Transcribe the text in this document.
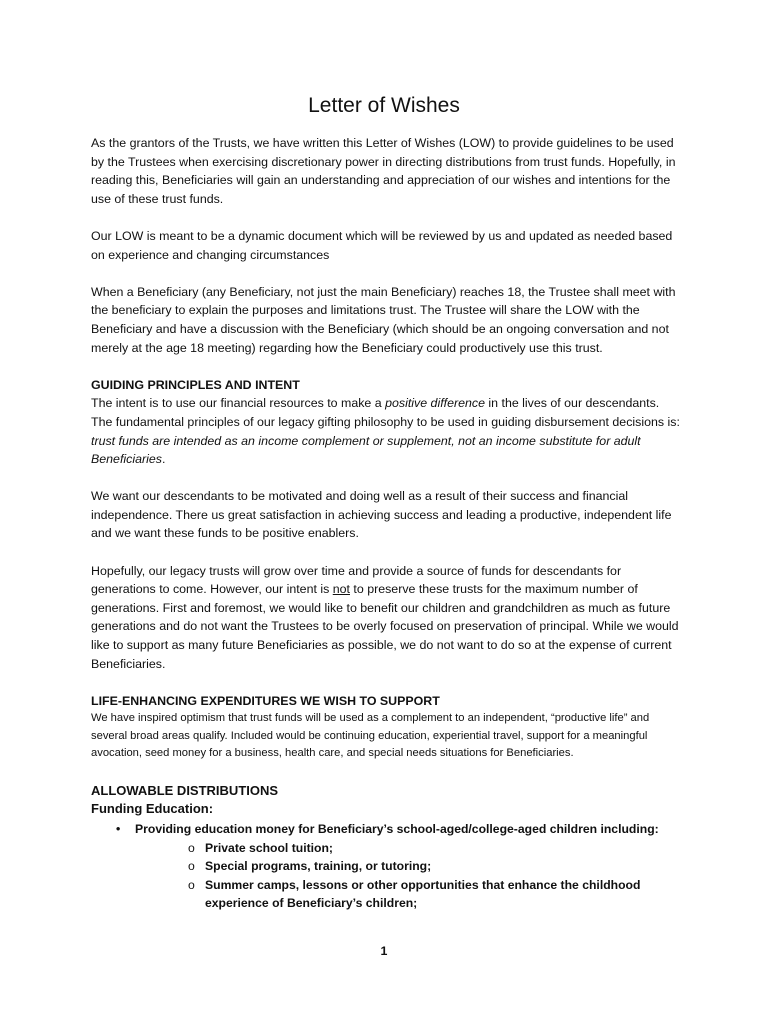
Letter of Wishes

As the grantors of the Trusts, we have written this Letter of Wishes (LOW) to provide guidelines to be used by the Trustees when exercising discretionary power in directing distributions from trust funds. Hopefully, in reading this, Beneficiaries will gain an understanding and appreciation of our wishes and intentions for the use of these trust funds.

Our LOW is meant to be a dynamic document which will be reviewed by us and updated as needed based on experience and changing circumstances

When a Beneficiary (any Beneficiary, not just the main Beneficiary) reaches 18, the Trustee shall meet with the beneficiary to explain the purposes and limitations trust. The Trustee will share the LOW with the Beneficiary and have a discussion with the Beneficiary (which should be an ongoing conversation and not merely at the age 18 meeting) regarding how the Beneficiary could productively use this trust.

GUIDING PRINCIPLES AND INTENT

The intent is to use our financial resources to make a positive difference in the lives of our descendants. The fundamental principles of our legacy gifting philosophy to be used in guiding disbursement decisions is: trust funds are intended as an income complement or supplement, not an income substitute for adult Beneficiaries.

We want our descendants to be motivated and doing well as a result of their success and financial independence. There us great satisfaction in achieving success and leading a productive, independent life and we want these funds to be positive enablers.

Hopefully, our legacy trusts will grow over time and provide a source of funds for descendants for generations to come. However, our intent is not to preserve these trusts for the maximum number of generations. First and foremost, we would like to benefit our children and grandchildren as much as future generations and do not want the Trustees to be overly focused on preservation of principal. While we would like to support as many future Beneficiaries as possible, we do not want to do so at the expense of current Beneficiaries.

LIFE-ENHANCING EXPENDITURES WE WISH TO SUPPORT

We have inspired optimism that trust funds will be used as a complement to an independent, “productive life” and several broad areas qualify. Included would be continuing education, experiential travel, support for a meaningful avocation, seed money for a business, health care, and special needs situations for Beneficiaries.

ALLOWABLE DISTRIBUTIONS
Funding Education:
• Providing education money for Beneficiary’s school-aged/college-aged children including:
o Private school tuition;
o Special programs, training, or tutoring;
o Summer camps, lessons or other opportunities that enhance the childhood experience of Beneficiary’s children;
1
